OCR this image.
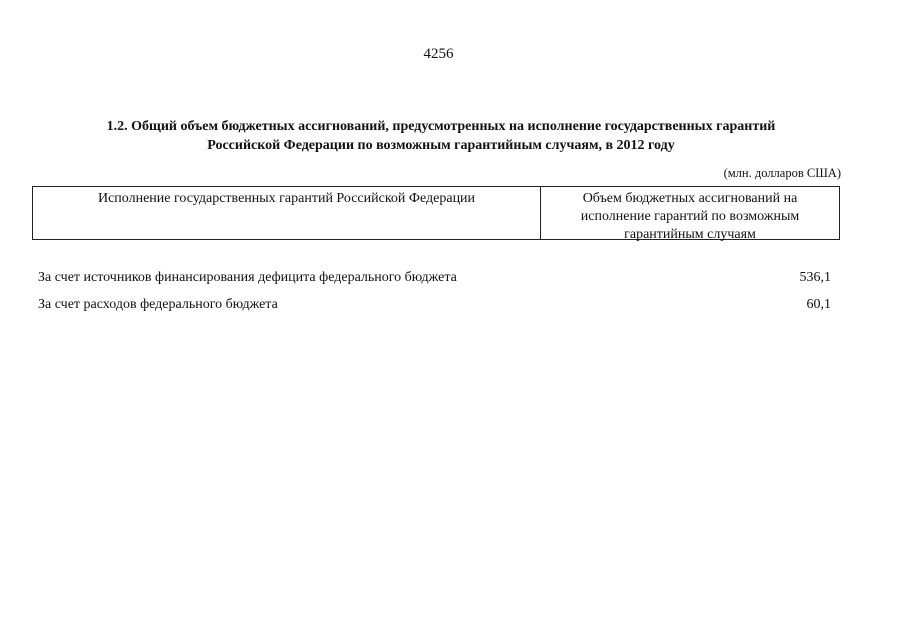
4256
1.2. Общий объем бюджетных ассигнований, предусмотренных на исполнение государственных гарантий
Российской Федерации по возможным гарантийным случаям, в 2012 году
(млн. долларов США)
Исполнение государственных гарантий Российской Федерации	Объем бюджетных ассигнований на исполнение гарантий по возможным гарантийным случаям
За счет источников финансирования дефицита федерального бюджета	536,1
За счет расходов федерального бюджета	60,1
